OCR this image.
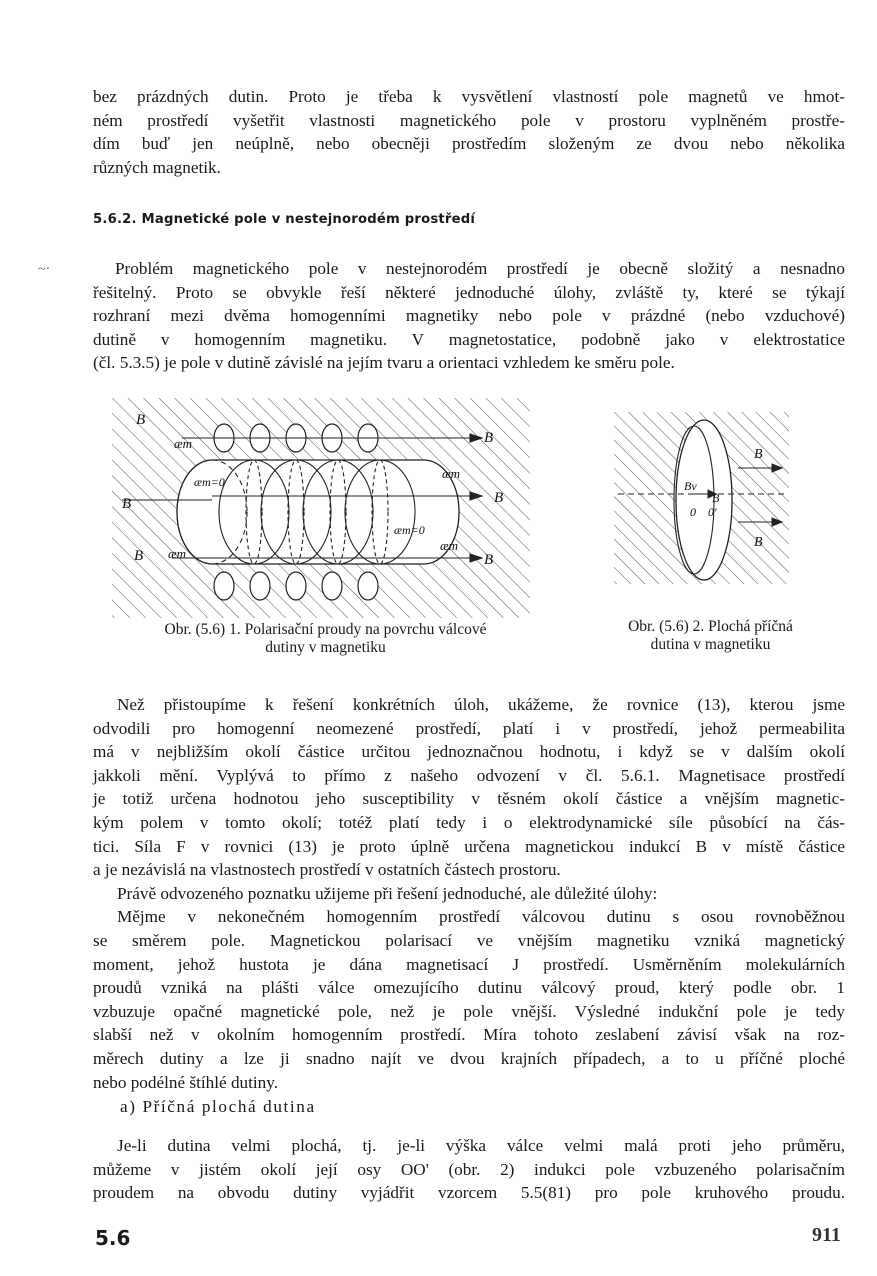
bez prázdných dutin. Proto je třeba k vysvětlení vlastností pole magnetů ve hmot-
ném prostředí vyšetřit vlastnosti magnetického pole v prostoru vyplněném prostře-
dím buď jen neúplně, nebo obecněji prostředím složeným ze dvou nebo několika
různých magnetik.
5.6.2. Magnetické pole v nestejnorodém prostředí
~·	Problém magnetického pole v nestejnorodém prostředí je obecně složitý a nesnadno
řešitelný. Proto se obvykle řeší některé jednoduché úlohy, zvláště ty, které se týkají
rozhraní mezi dvěma homogenními magnetiky nebo pole v prázdné (nebo vzduchové)
dutině v homogenním magnetiku. V magnetostatice, podobně jako v elektrostatice
(čl. 5.3.5) je pole v dutině závislé na jejím tvaru a orientaci vzhledem ke směru pole.
B
B
B
B
B
B
æm
æm
æm
æm
æm=0
æm=0
Obr. (5.6) 1. Polarisační proudy na povrchu válcové
dutiny v magnetiku
B
B
Bv
B
0 0'
Obr. (5.6) 2. Plochá příčná
dutina v magnetiku
Než přistoupíme k řešení konkrétních úloh, ukážeme, že rovnice (13), kterou jsme
odvodili pro homogenní neomezené prostředí, platí i v prostředí, jehož permeabilita
má v nejbližším okolí částice určitou jednoznačnou hodnotu, i když se v dalším okolí
jakkoli mění. Vyplývá to přímo z našeho odvození v čl. 5.6.1. Magnetisace prostředí
je totiž určena hodnotou jeho susceptibility v těsném okolí částice a vnějším magnetic-
kým polem v tomto okolí; totéž platí tedy i o elektrodynamické síle působící na čás-
tici. Síla F v rovnici (13) je proto úplně určena magnetickou indukcí B v místě částice
a je nezávislá na vlastnostech prostředí v ostatních částech prostoru.
Právě odvozeného poznatku užijeme při řešení jednoduché, ale důležité úlohy:
Mějme v nekonečném homogenním prostředí válcovou dutinu s osou rovnoběžnou
se směrem pole. Magnetickou polarisací ve vnějším magnetiku vzniká magnetický
moment, jehož hustota je dána magnetisací J prostředí. Usměrněním molekulárních
proudů vzniká na plášti válce omezujícího dutinu válcový proud, který podle obr. 1
vzbuzuje opačné magnetické pole, než je pole vnější. Výsledné indukční pole je tedy
slabší než v okolním homogenním prostředí. Míra tohoto zeslabení závisí však na roz-
měrech dutiny a lze ji snadno najít ve dvou krajních případech, a to u příčné ploché
nebo podélné štíhlé dutiny.
a) Příčná plochá dutina
Je-li dutina velmi plochá, tj. je-li výška válce velmi malá proti jeho průměru,
můžeme v jistém okolí její osy OO' (obr. 2) indukci pole vzbuzeného polarisačním
proudem na obvodu dutiny vyjádřit vzorcem 5.5(81) pro pole kruhového proudu.
5.6	911
